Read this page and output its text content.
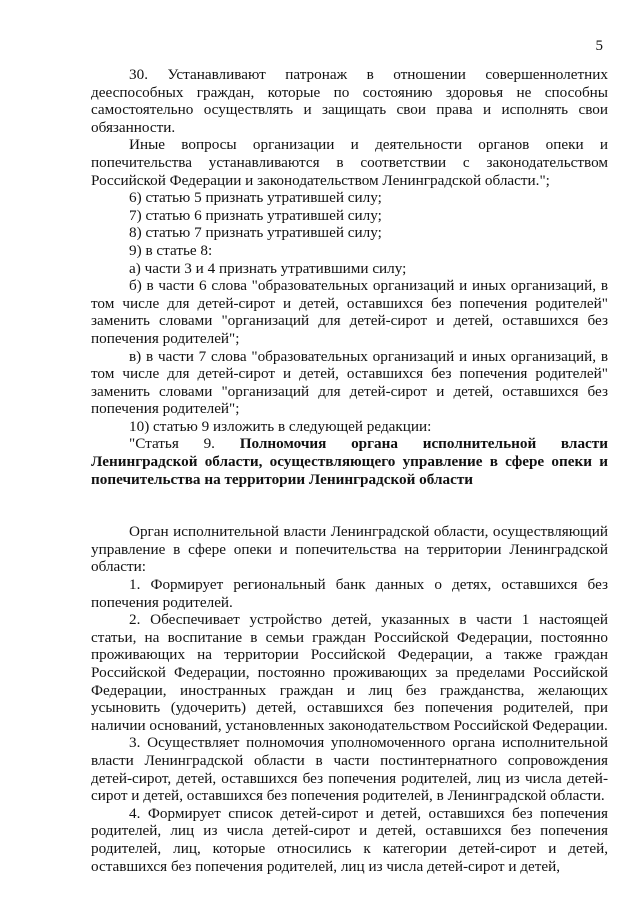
5

30. Устанавливают патронаж в отношении совершеннолетних дееспособных граждан, которые по состоянию здоровья не способны самостоятельно осуществлять и защищать свои права и исполнять свои обязанности.

Иные вопросы организации и деятельности органов опеки и попечительства устанавливаются в соответствии с законодательством Российской Федерации и законодательством Ленинградской области.";

6) статью 5 признать утратившей силу;

7) статью 6 признать утратившей силу;

8) статью 7 признать утратившей силу;

9) в статье 8:

а) части 3 и 4 признать утратившими силу;

б) в части 6 слова "образовательных организаций и иных организаций, в том числе для детей-сирот и детей, оставшихся без попечения родителей" заменить словами "организаций для детей-сирот и детей, оставшихся без попечения родителей";

в) в части 7 слова "образовательных организаций и иных организаций, в том числе для детей-сирот и детей, оставшихся без попечения родителей" заменить словами "организаций для детей-сирот и детей, оставшихся без попечения родителей";

10) статью 9 изложить в следующей редакции:

"Статья 9. Полномочия органа исполнительной власти Ленинградской области, осуществляющего управление в сфере опеки и попечительства на территории Ленинградской области

Орган исполнительной власти Ленинградской области, осуществляющий управление в сфере опеки и попечительства на территории Ленинградской области:

1. Формирует региональный банк данных о детях, оставшихся без попечения родителей.

2. Обеспечивает устройство детей, указанных в части 1 настоящей статьи, на воспитание в семьи граждан Российской Федерации, постоянно проживающих на территории Российской Федерации, а также граждан Российской Федерации, постоянно проживающих за пределами Российской Федерации, иностранных граждан и лиц без гражданства, желающих усыновить (удочерить) детей, оставшихся без попечения родителей, при наличии оснований, установленных законодательством Российской Федерации.

3. Осуществляет полномочия уполномоченного органа исполнительной власти Ленинградской области в части постинтернатного сопровождения детей-сирот, детей, оставшихся без попечения родителей, лиц из числа детей-сирот и детей, оставшихся без попечения родителей, в Ленинградской области.

4. Формирует список детей-сирот и детей, оставшихся без попечения родителей, лиц из числа детей-сирот и детей, оставшихся без попечения родителей, лиц, которые относились к категории детей-сирот и детей, оставшихся без попечения родителей, лиц из числа детей-сирот и детей,
